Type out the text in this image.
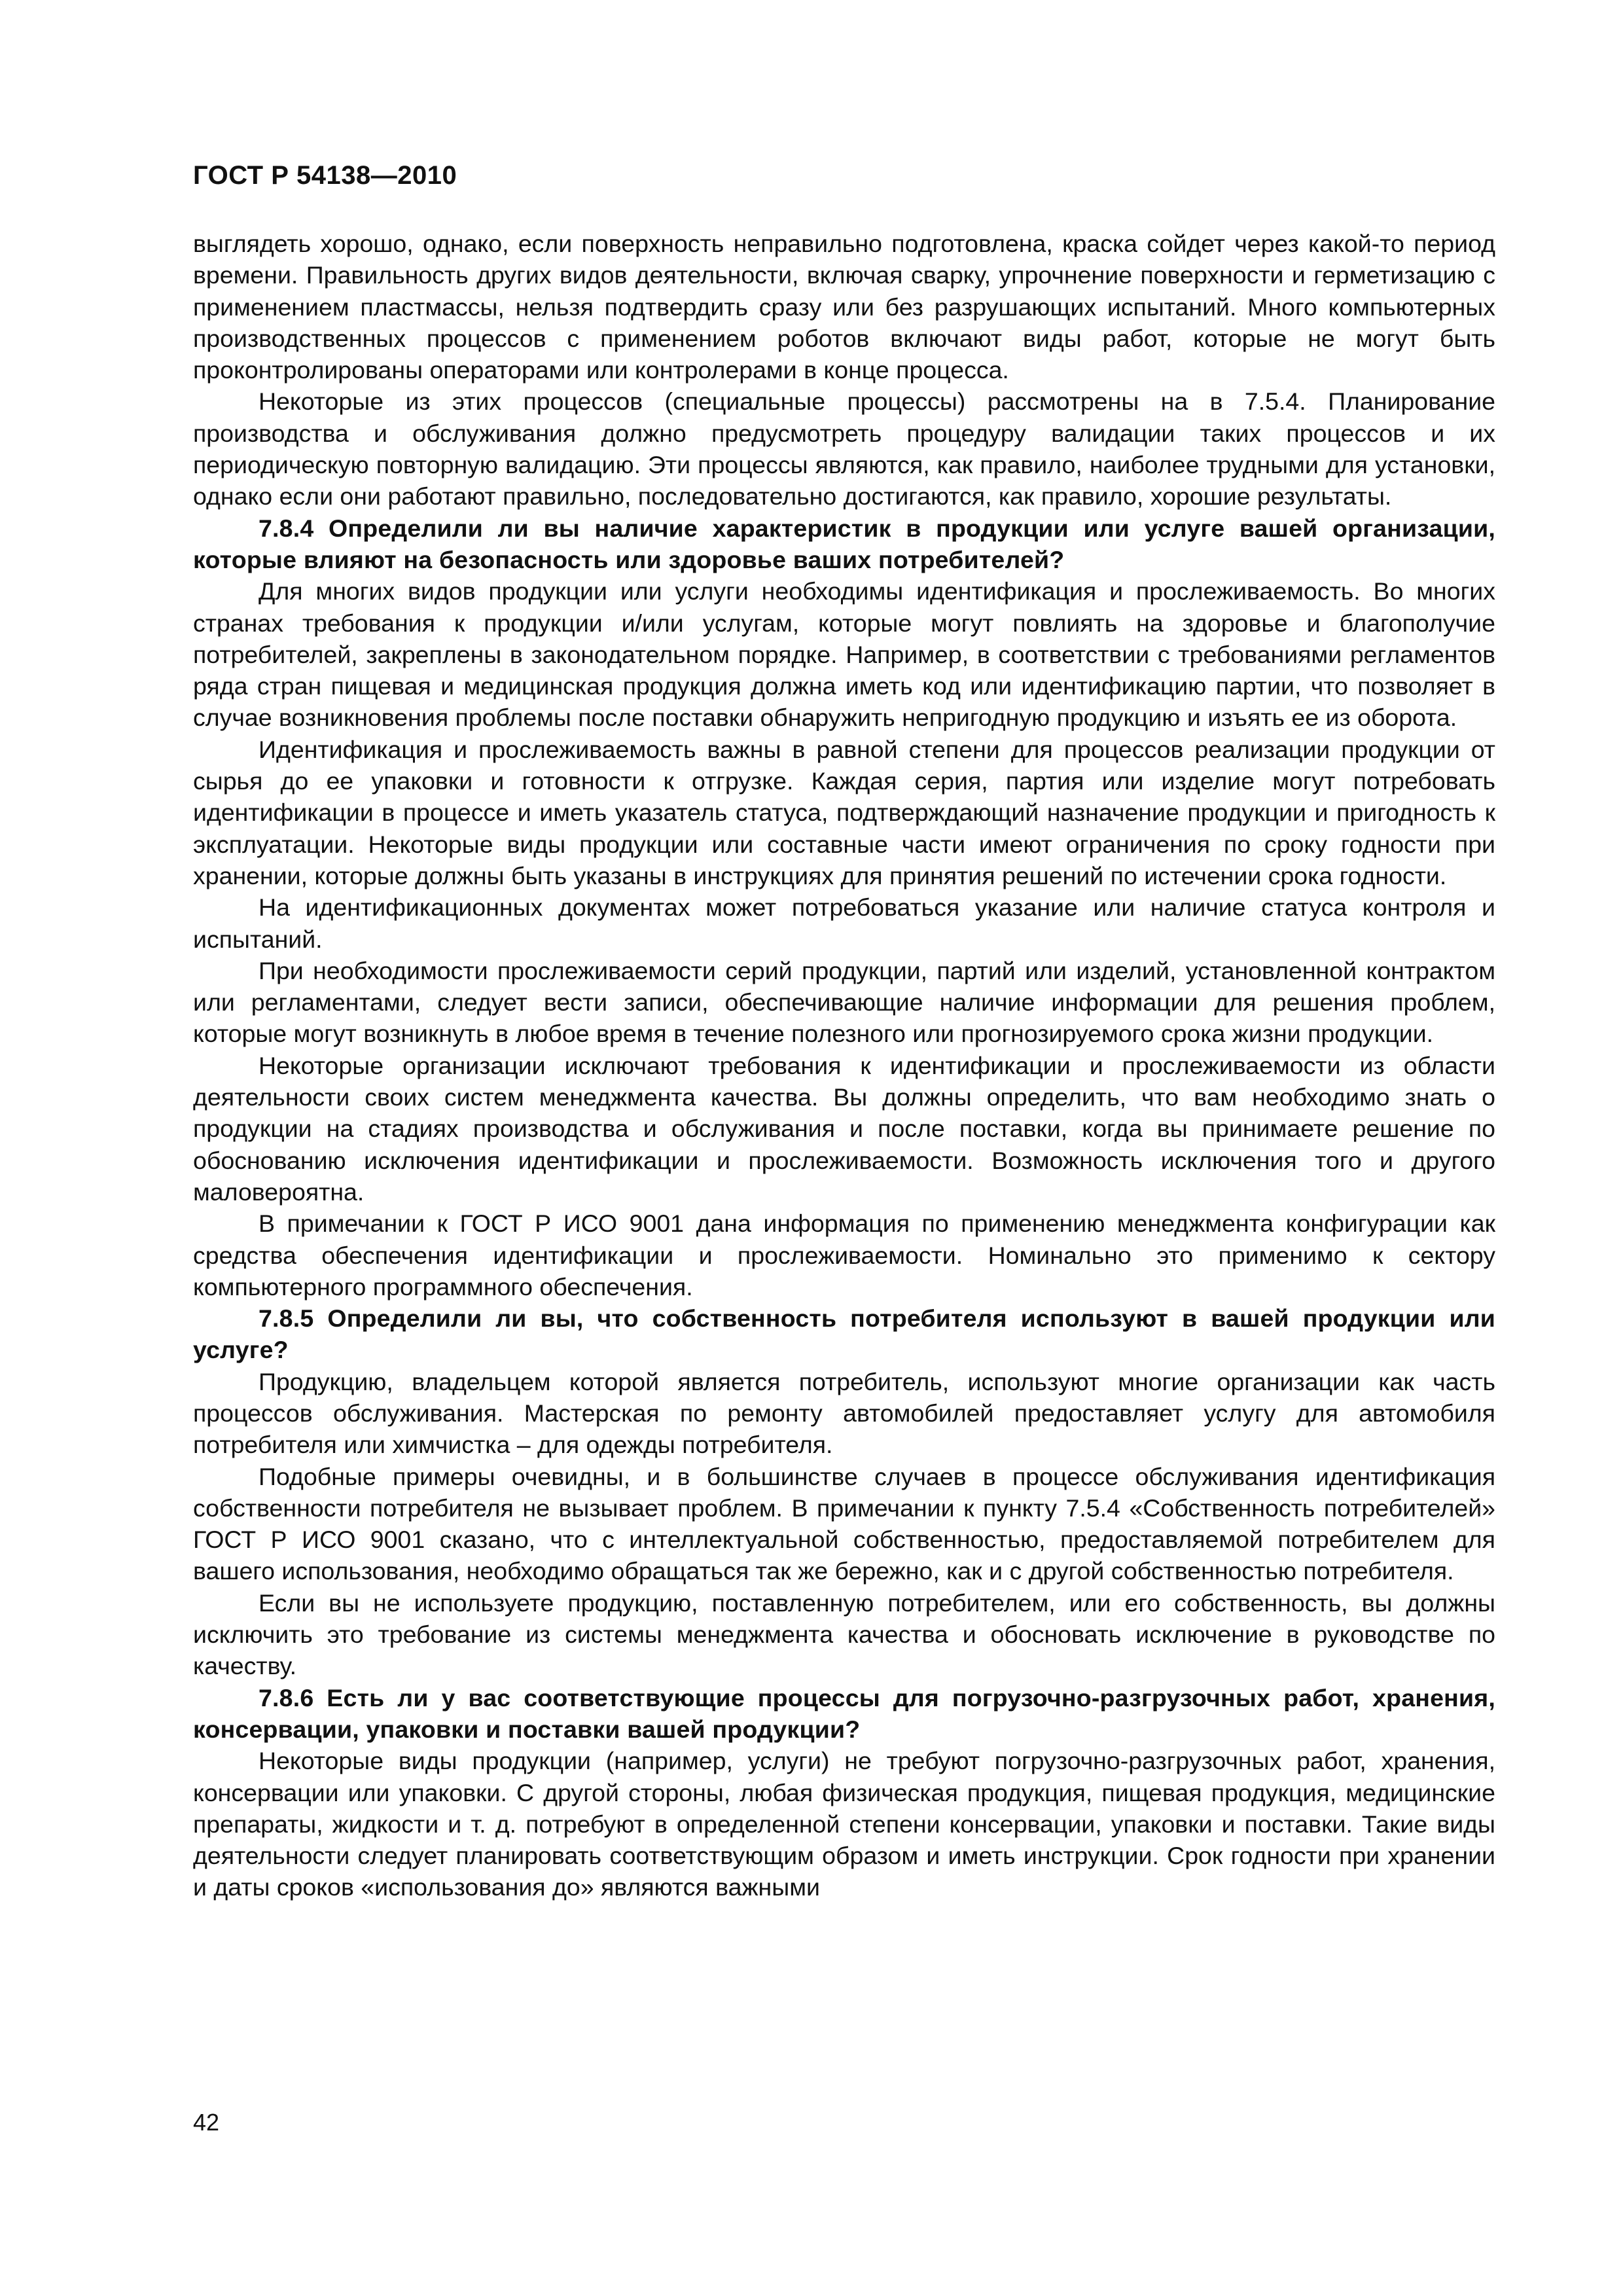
ГОСТ Р 54138—2010

выглядеть хорошо, однако, если поверхность неправильно подготовлена, краска сойдет через какой-то период времени. Правильность других видов деятельности, включая сварку, упрочнение поверхности и герметизацию с применением пластмассы, нельзя подтвердить сразу или без разрушающих испытаний. Много компьютерных производственных процессов с применением роботов включают виды работ, которые не могут быть проконтролированы операторами или контролерами в конце процесса.

Некоторые из этих процессов (специальные процессы) рассмотрены на в 7.5.4. Планирование производства и обслуживания должно предусмотреть процедуру валидации таких процессов и их периодическую повторную валидацию. Эти процессы являются, как правило, наиболее трудными для установки, однако если они работают правильно, последовательно достигаются, как правило, хорошие результаты.

7.8.4 Определили ли вы наличие характеристик в продукции или услуге вашей организации, которые влияют на безопасность или здоровье ваших потребителей?

Для многих видов продукции или услуги необходимы идентификация и прослеживаемость. Во многих странах требования к продукции и/или услугам, которые могут повлиять на здоровье и благополучие потребителей, закреплены в законодательном порядке. Например, в соответствии с требованиями регламентов ряда стран пищевая и медицинская продукция должна иметь код или идентификацию партии, что позволяет в случае возникновения проблемы после поставки обнаружить непригодную продукцию и изъять ее из оборота.

Идентификация и прослеживаемость важны в равной степени для процессов реализации продукции от сырья до ее упаковки и готовности к отгрузке. Каждая серия, партия или изделие могут потребовать идентификации в процессе и иметь указатель статуса, подтверждающий назначение продукции и пригодность к эксплуатации. Некоторые виды продукции или составные части имеют ограничения по сроку годности при хранении, которые должны быть указаны в инструкциях для принятия решений по истечении срока годности.

На идентификационных документах может потребоваться указание или наличие статуса контроля и испытаний.

При необходимости прослеживаемости серий продукции, партий или изделий, установленной контрактом или регламентами, следует вести записи, обеспечивающие наличие информации для решения проблем, которые могут возникнуть в любое время в течение полезного или прогнозируемого срока жизни продукции.

Некоторые организации исключают требования к идентификации и прослеживаемости из области деятельности своих систем менеджмента качества. Вы должны определить, что вам необходимо знать о продукции на стадиях производства и обслуживания и после поставки, когда вы принимаете решение по обоснованию исключения идентификации и прослеживаемости. Возможность исключения того и другого маловероятна.

В примечании к ГОСТ Р ИСО 9001 дана информация по применению менеджмента конфигурации как средства обеспечения идентификации и прослеживаемости. Номинально это применимо к сектору компьютерного программного обеспечения.

7.8.5 Определили ли вы, что собственность потребителя используют в вашей продукции или услуге?

Продукцию, владельцем которой является потребитель, используют многие организации как часть процессов обслуживания. Мастерская по ремонту автомобилей предоставляет услугу для автомобиля потребителя или химчистка – для одежды потребителя.

Подобные примеры очевидны, и в большинстве случаев в процессе обслуживания идентификация собственности потребителя не вызывает проблем. В примечании к пункту 7.5.4 «Собственность потребителей» ГОСТ Р ИСО 9001 сказано, что с интеллектуальной собственностью, предоставляемой потребителем для вашего использования, необходимо обращаться так же бережно, как и с другой собственностью потребителя.

Если вы не используете продукцию, поставленную потребителем, или его собственность, вы должны исключить это требование из системы менеджмента качества и обосновать исключение в руководстве по качеству.

7.8.6 Есть ли у вас соответствующие процессы для погрузочно-разгрузочных работ, хранения, консервации, упаковки и поставки вашей продукции?

Некоторые виды продукции (например, услуги) не требуют погрузочно-разгрузочных работ, хранения, консервации или упаковки. С другой стороны, любая физическая продукция, пищевая продукция, медицинские препараты, жидкости и т. д. потребуют в определенной степени консервации, упаковки и поставки. Такие виды деятельности следует планировать соответствующим образом и иметь инструкции. Срок годности при хранении и даты сроков «использования до» являются важными

42
